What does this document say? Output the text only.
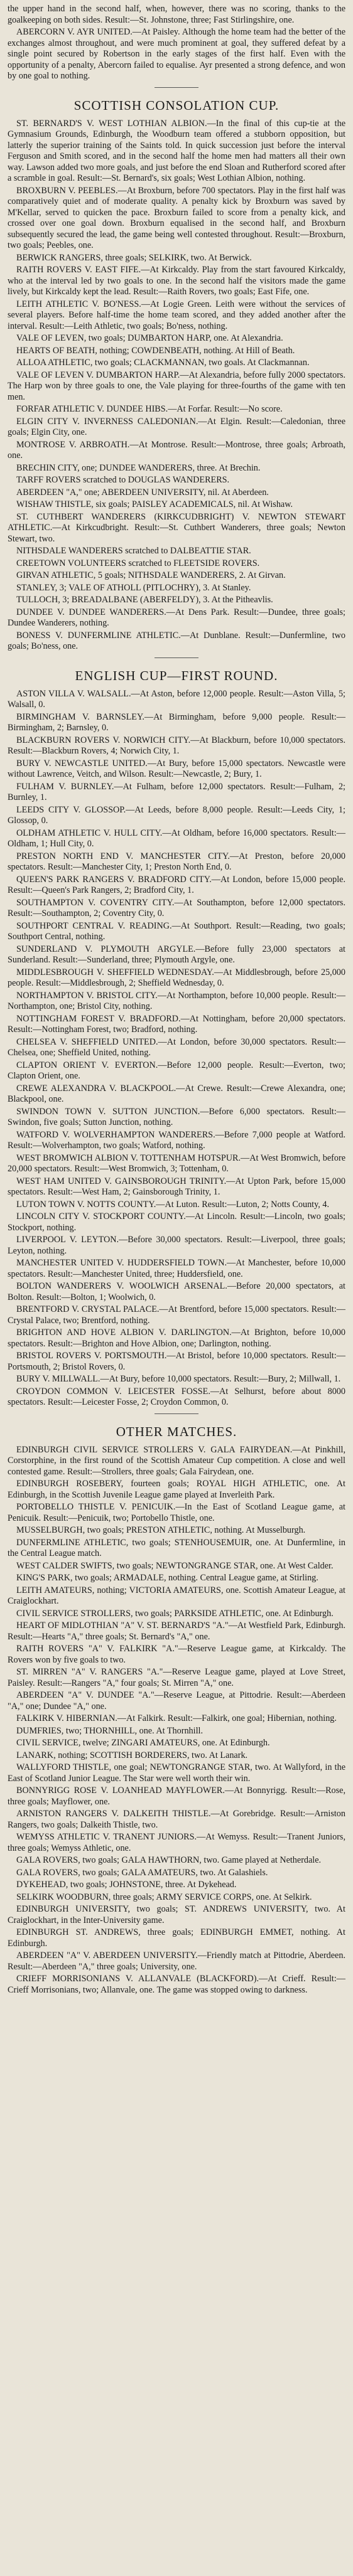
the upper hand in the second half, when, however, there was no scoring, thanks to the goalkeeping on both sides. Result:—St. Johnstone, three; Fast Stirlingshire, one.

ABERCORN V. AYR UNITED.—At Paisley. Although the home team had the better of the exchanges almost throughout, and were much prominent at goal, they suffered defeat by a single point secured by Robertson in the early stages of the first half. Even with the opportunity of a penalty, Abercorn failed to equalise. Ayr presented a strong defence, and won by one goal to nothing.

SCOTTISH CONSOLATION CUP.

ST. BERNARD'S V. WEST LOTHIAN ALBION.—In the final of this cup-tie at the Gymnasium Grounds, Edinburgh, the Woodburn team offered a stubborn opposition, but latterly the superior training of the Saints told. In quick succession just before the interval Ferguson and Smith scored, and in the second half the home men had matters all their own way. Lawson added two more goals, and just before the end Sloan and Rutherford scored after a scramble in goal. Result:—St. Bernard's, six goals; West Lothian Albion, nothing.

BROXBURN V. PEEBLES.—At Broxburn, before 700 spectators. Play in the first half was comparatively quiet and of moderate quality. A penalty kick by Broxburn was saved by M'Kellar, served to quicken the pace. Broxburn failed to score from a penalty kick, and crossed over one goal down. Broxburn equalised in the second half, and Broxburn subsequently secured the lead, the game being well contested throughout. Result:—Broxburn, two goals; Peebles, one.

BERWICK RANGERS, three goals; SELKIRK, two. At Berwick.

RAITH ROVERS V. EAST FIFE.—At Kirkcaldy. Play from the start favoured Kirkcaldy, who at the interval led by two goals to one. In the second half the visitors made the game lively, but Kirkcaldy kept the lead. Result:—Raith Rovers, two goals; East Fife, one.

LEITH ATHLETIC V. BO'NESS.—At Logie Green. Leith were without the services of several players. Before half-time the home team scored, and they added another after the interval. Result:—Leith Athletic, two goals; Bo'ness, nothing.

VALE OF LEVEN, two goals; DUMBARTON HARP, one. At Alexandria.

HEARTS OF BEATH, nothing; COWDENBEATH, nothing. At Hill of Beath.

ALLOA ATHLETIC, two goals; CLACKMANNAN, two goals. At Clackmannan.

VALE OF LEVEN V. DUMBARTON HARP.—At Alexandria, before fully 2000 spectators. The Harp won by three goals to one, the Vale playing for three-fourths of the game with ten men.

FORFAR ATHLETIC V. DUNDEE HIBS.—At Forfar. Result:—No score.

ELGIN CITY V. INVERNESS CALEDONIAN.—At Elgin. Result:—Caledonian, three goals; Elgin City, one.

MONTROSE V. ARBROATH.—At Montrose. Result:—Montrose, three goals; Arbroath, one.

BRECHIN CITY, one; DUNDEE WANDERERS, three. At Brechin.

TARFF ROVERS scratched to DOUGLAS WANDERERS.

ABERDEEN "A," one; ABERDEEN UNIVERSITY, nil. At Aberdeen.

WISHAW THISTLE, six goals; PAISLEY ACADEMICALS, nil. At Wishaw.

ST. CUTHBERT WANDERERS (KIRKCUDBRIGHT) V. NEWTON STEWART ATHLETIC.—At Kirkcudbright. Result:—St. Cuthbert Wanderers, three goals; Newton Stewart, two.

NITHSDALE WANDERERS scratched to DALBEATTIE STAR.

CREETOWN VOLUNTEERS scratched to FLEETSIDE ROVERS.

GIRVAN ATHLETIC, 5 goals; NITHSDALE WANDERERS, 2. At Girvan.

STANLEY, 3; VALE OF ATHOLL (PITLOCHRY), 3. At Stanley.

TULLOCH, 3; BREADALBANE (ABERFELDY), 3. At the Pitheavlis.

DUNDEE V. DUNDEE WANDERERS.—At Dens Park. Result:—Dundee, three goals; Dundee Wanderers, nothing.

BONESS V. DUNFERMLINE ATHLETIC.—At Dunblane. Result:—Dunfermline, two goals; Bo'ness, one.

ENGLISH CUP—FIRST ROUND.

ASTON VILLA V. WALSALL.—At Aston, before 12,000 people. Result:—Aston Villa, 5; Walsall, 0.

BIRMINGHAM V. BARNSLEY.—At Birmingham, before 9,000 people. Result:—Birmingham, 2; Barnsley, 0.

BLACKBURN ROVERS V. NORWICH CITY.—At Blackburn, before 10,000 spectators. Result:—Blackburn Rovers, 4; Norwich City, 1.

BURY V. NEWCASTLE UNITED.—At Bury, before 15,000 spectators. Newcastle were without Lawrence, Veitch, and Wilson. Result:—Newcastle, 2; Bury, 1.

FULHAM V. BURNLEY.—At Fulham, before 12,000 spectators. Result:—Fulham, 2; Burnley, 1.

LEEDS CITY V. GLOSSOP.—At Leeds, before 8,000 people. Result:—Leeds City, 1; Glossop, 0.

OLDHAM ATHLETIC V. HULL CITY.—At Oldham, before 16,000 spectators. Result:—Oldham, 1; Hull City, 0.

PRESTON NORTH END V. MANCHESTER CITY.—At Preston, before 20,000 spectators. Result:—Manchester City, 1; Preston North End, 0.

QUEEN'S PARK RANGERS V. BRADFORD CITY.—At London, before 15,000 people. Result:—Queen's Park Rangers, 2; Bradford City, 1.

SOUTHAMPTON V. COVENTRY CITY.—At Southampton, before 12,000 spectators. Result:—Southampton, 2; Coventry City, 0.

SOUTHPORT CENTRAL V. READING.—At Southport. Result:—Reading, two goals; Southport Central, nothing.

SUNDERLAND V. PLYMOUTH ARGYLE.—Before fully 23,000 spectators at Sunderland. Result:—Sunderland, three; Plymouth Argyle, one.

MIDDLESBROUGH V. SHEFFIELD WEDNESDAY.—At Middlesbrough, before 25,000 people. Result:—Middlesbrough, 2; Sheffield Wednesday, 0.

NORTHAMPTON V. BRISTOL CITY.—At Northampton, before 10,000 people. Result:—Northampton, one; Bristol City, nothing.

NOTTINGHAM FOREST V. BRADFORD.—At Nottingham, before 20,000 spectators. Result:—Nottingham Forest, two; Bradford, nothing.

CHELSEA V. SHEFFIELD UNITED.—At London, before 30,000 spectators. Result:—Chelsea, one; Sheffield United, nothing.

CLAPTON ORIENT V. EVERTON.—Before 12,000 people. Result:—Everton, two; Clapton Orient, one.

CREWE ALEXANDRA V. BLACKPOOL.—At Crewe. Result:—Crewe Alexandra, one; Blackpool, one.

SWINDON TOWN V. SUTTON JUNCTION.—Before 6,000 spectators. Result:—Swindon, five goals; Sutton Junction, nothing.

WATFORD V. WOLVERHAMPTON WANDERERS.—Before 7,000 people at Watford. Result:—Wolverhampton, two goals; Watford, nothing.

WEST BROMWICH ALBION V. TOTTENHAM HOTSPUR.—At West Bromwich, before 20,000 spectators. Result:—West Bromwich, 3; Tottenham, 0.

WEST HAM UNITED V. GAINSBOROUGH TRINITY.—At Upton Park, before 15,000 spectators. Result:—West Ham, 2; Gainsborough Trinity, 1.

LUTON TOWN V. NOTTS COUNTY.—At Luton. Result:—Luton, 2; Notts County, 4.

LINCOLN CITY V. STOCKPORT COUNTY.—At Lincoln. Result:—Lincoln, two goals; Stockport, nothing.

LIVERPOOL V. LEYTON.—Before 30,000 spectators. Result:—Liverpool, three goals; Leyton, nothing.

MANCHESTER UNITED V. HUDDERSFIELD TOWN.—At Manchester, before 10,000 spectators. Result:—Manchester United, three; Huddersfield, one.

BOLTON WANDERERS V. WOOLWICH ARSENAL.—Before 20,000 spectators, at Bolton. Result:—Bolton, 1; Woolwich, 0.

BRENTFORD V. CRYSTAL PALACE.—At Brentford, before 15,000 spectators. Result:—Crystal Palace, two; Brentford, nothing.

BRIGHTON AND HOVE ALBION V. DARLINGTON.—At Brighton, before 10,000 spectators. Result:—Brighton and Hove Albion, one; Darlington, nothing.

BRISTOL ROVERS V. PORTSMOUTH.—At Bristol, before 10,000 spectators. Result:—Portsmouth, 2; Bristol Rovers, 0.

BURY V. MILLWALL.—At Bury, before 10,000 spectators. Result:—Bury, 2; Millwall, 1.

CROYDON COMMON V. LEICESTER FOSSE.—At Selhurst, before about 8000 spectators. Result:—Leicester Fosse, 2; Croydon Common, 0.

OTHER MATCHES.

EDINBURGH CIVIL SERVICE STROLLERS V. GALA FAIRYDEAN.—At Pinkhill, Corstorphine, in the first round of the Scottish Amateur Cup competition. A close and well contested game. Result:—Strollers, three goals; Gala Fairydean, one.

EDINBURGH ROSEBERY, fourteen goals; ROYAL HIGH ATHLETIC, one. At Edinburgh, in the Scottish Juvenile League game played at Inverleith Park.

PORTOBELLO THISTLE V. PENICUIK.—In the East of Scotland League game, at Penicuik. Result:—Penicuik, two; Portobello Thistle, one.

MUSSELBURGH, two goals; PRESTON ATHLETIC, nothing. At Musselburgh.

DUNFERMLINE ATHLETIC, two goals; STENHOUSEMUIR, one. At Dunfermline, in the Central League match.

WEST CALDER SWIFTS, two goals; NEWTONGRANGE STAR, one. At West Calder.

KING'S PARK, two goals; ARMADALE, nothing. Central League game, at Stirling.

LEITH AMATEURS, nothing; VICTORIA AMATEURS, one. Scottish Amateur League, at Craiglockhart.

CIVIL SERVICE STROLLERS, two goals; PARKSIDE ATHLETIC, one. At Edinburgh.

HEART OF MIDLOTHIAN "A" V. ST. BERNARD'S "A."—At Westfield Park, Edinburgh. Result:—Hearts "A," three goals; St. Bernard's "A," one.

RAITH ROVERS "A" V. FALKIRK "A."—Reserve League game, at Kirkcaldy. The Rovers won by five goals to two.

ST. MIRREN "A" V. RANGERS "A."—Reserve League game, played at Love Street, Paisley. Result:—Rangers "A," four goals; St. Mirren "A," one.

ABERDEEN "A" V. DUNDEE "A."—Reserve League, at Pittodrie. Result:—Aberdeen "A," one; Dundee "A," one.

FALKIRK V. HIBERNIAN.—At Falkirk. Result:—Falkirk, one goal; Hibernian, nothing.

DUMFRIES, two; THORNHILL, one. At Thornhill.

CIVIL SERVICE, twelve; ZINGARI AMATEURS, one. At Edinburgh.

LANARK, nothing; SCOTTISH BORDERERS, two. At Lanark.

WALLYFORD THISTLE, one goal; NEWTONGRANGE STAR, two. At Wallyford, in the East of Scotland Junior League. The Star were well worth their win.

BONNYRIGG ROSE V. LOANHEAD MAYFLOWER.—At Bonnyrigg. Result:—Rose, three goals; Mayflower, one.

ARNISTON RANGERS V. DALKEITH THISTLE.—At Gorebridge. Result:—Arniston Rangers, two goals; Dalkeith Thistle, two.

WEMYSS ATHLETIC V. TRANENT JUNIORS.—At Wemyss. Result:—Tranent Juniors, three goals; Wemyss Athletic, one.

GALA ROVERS, two goals; GALA HAWTHORN, two. Game played at Netherdale.

GALA ROVERS, two goals; GALA AMATEURS, two. At Galashiels.

DYKEHEAD, two goals; JOHNSTONE, three. At Dykehead.

SELKIRK WOODBURN, three goals; ARMY SERVICE CORPS, one. At Selkirk.

EDINBURGH UNIVERSITY, two goals; ST. ANDREWS UNIVERSITY, two. At Craiglockhart, in the Inter-University game.

EDINBURGH ST. ANDREWS, three goals; EDINBURGH EMMET, nothing. At Edinburgh.

ABERDEEN "A" V. ABERDEEN UNIVERSITY.—Friendly match at Pittodrie, Aberdeen. Result:—Aberdeen "A," three goals; University, one.

CRIEFF MORRISONIANS V. ALLANVALE (BLACKFORD).—At Crieff. Result:—Crieff Morrisonians, two; Allanvale, one. The game was stopped owing to darkness.
